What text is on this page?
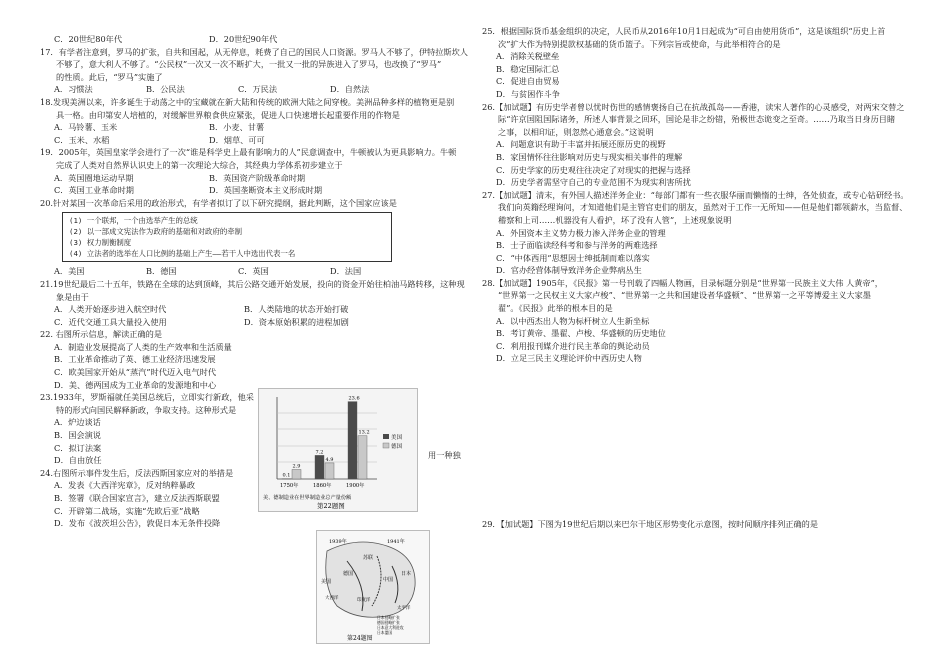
C．20世纪80年代	D．20世纪90年代

17．有学者注意到，罗马的扩张，自共和国起，从无停息，耗费了自己的国民人口资源。罗马人不够了，伊特拉斯坎人

不够了，意大利人不够了。“公民权”一次又一次不断扩大，一批又一批的异族进入了罗马，也改换了“罗马”

的性质。此后，“罗马”实施了

A．习惯法	B．公民法	C．万民法	D．自然法

18.发现美洲以来，许多诞生于动荡之中的宝藏就在新大陆和传统的欧洲大陆之间穿梭。美洲品种多样的植物更是别

具一格。由印第安人培植的，对缓解世界粮食供应紧张，促进人口快速增长起重要作用的作物是

A．马铃薯、玉米	B．小麦、甘薯

C．玉米、水稻	D．烟草、可可

19．2005年，英国皇家学会进行了一次“谁是科学史上最有影响力的人”民意调查中，牛顿被认为更具影响力。牛顿

完成了人类对自然界认识史上的第一次理论大综合，其经典力学体系初步建立于

A．英国圈地运动早期	B．英国资产阶级革命时期

C．英国工业革命时期	D．英国垄断资本主义形成时期

20.针对某国一次革命后采用的政治形式，有学者拟订了以下研究提纲，据此判断，这个国家应该是

(1) 一个联邦，一个由选举产生的总统

(2) 以一部成文宪法作为政府的基础和对政府的牵制

(3) 权力制衡制度

(4) 立法者的选举在人口比例的基础上产生——若干人中选出代表一名

A．美国	B．德国	C．英国	D．法国

21.19世纪最后二十五年，铁路在全球的达到顶峰，其后公路交通开始发展，投向的资金开始往柏油马路转移，这种现

象是由于

A．人类开始逐步进入航空时代	B．人类陆地的状态开始打破

C．近代交通工具大量投入使用	D．资本原始积累的进程加剧

22. 右图所示信息，解读正确的是

A．制造业发展提高了人类的生产效率和生活质量

B．工业革命推动了英、德工业经济迅速发展

C．欧美国家开始从“蒸汽”时代迈入电气时代

D．美、德两国成为工业革命的发源地和中心

23.1933年，罗斯福就任美国总统后，立即实行新政，他采

特的形式向国民解释新政，争取支持。这种形式是

A．炉边谈话

B．国会演说

C．拟订法案

D．自由放任

24.右图所示事件发生后，反法西斯国家应对的举措是

A．发表《大西洋宪章》，反对纳粹暴政

B．签署《联合国家宣言》，建立反法西斯联盟

C．开辟第二战场，实施“先欧后亚”战略

D．发布《波茨坦公告》，敦促日本无条件投降

用一种独

0.1
2.9
1750年
7.2
4.9
1860年
23.6
13.2
1900年
美国
德国
美、德制造业在世界制造业总产量份额
第22题图
1939年	1941年
苏联
中国
德国	日本
美国
太平洋
大西洋	印度洋
日本侵略扩张
德国侵略扩张
日本意大利进攻
日本盟国
第24题图

25．根据国际货币基金组织的决定，人民币从2016年10月1日起成为“可自由使用货币”，这是该组织“历史上首

次”扩大作为特别提款权基础的货币篮子。下列宗旨或使命，与此举相符合的是

A．消除关税壁垒

B．稳定国际汇总

C．促进自由贸易

D．与贫困作斗争

26.【加试题】有历史学者曾以忧时伤世的感情褒扬自己在抗战孤岛——香港，读宋人著作的心灵感受，对两宋交替之

际“许京国阻国际诸务，所述人事背景之回环，国论是非之纷错，殆极世态诡变之至奇。……乃取当日身历目睹

之事，以相印证，则忽然心通意会。”这说明

A．问题意识有助于丰富并拓展还原历史的视野

B．家国情怀往往影响对历史与现实相关事件的理解

C．历史学家的历史观往往决定了对现实的把握与选择

D．历史学者需坚守自己的专业范围不为现实利害所扰

27.【加试题】清末，有外国人描述洋务企业：“每部门都有一些衣服华丽而懒惰的士绅，各处侦查，或专心钻研经书。

我们向英籍经理询问，才知道他们是主管官吏们的朋友，虽然对于工作一无所知——但是他们都领薪水，当监督、

稽察和上司……机器没有人看护，坏了没有人管”，上述现象说明

A．外国资本主义势力极力渗入洋务企业的管理

B．士子面临读经科考和参与洋务的两难选择

C．“中体西用”思想因士绅抵制而难以落实

D．官办经营体制导致洋务企业弊病丛生

28.【加试题】1905年，《民报》第一号刊载了四幅人物画，目录标题分别是“世界第一民族主义大伟 人黄帝”，

“世界第一之民权主义大家卢梭”、“世界第一之共和国建设者华盛顿”、“世界第一之平等博爱主义大家墨

翟”。《民报》此举的根本目的是

A．以中西杰出人物为标杆树立人生新坐标

B．考订黄帝、墨翟、卢梭、华盛顿的历史地位

C．利用报刊媒介进行民主革命的舆论动员

D．立足三民主义理论评价中西历史人物

29．【加试题】下图为19世纪后期以来巴尔干地区形势变化示意图，按时间顺序排列正确的是
